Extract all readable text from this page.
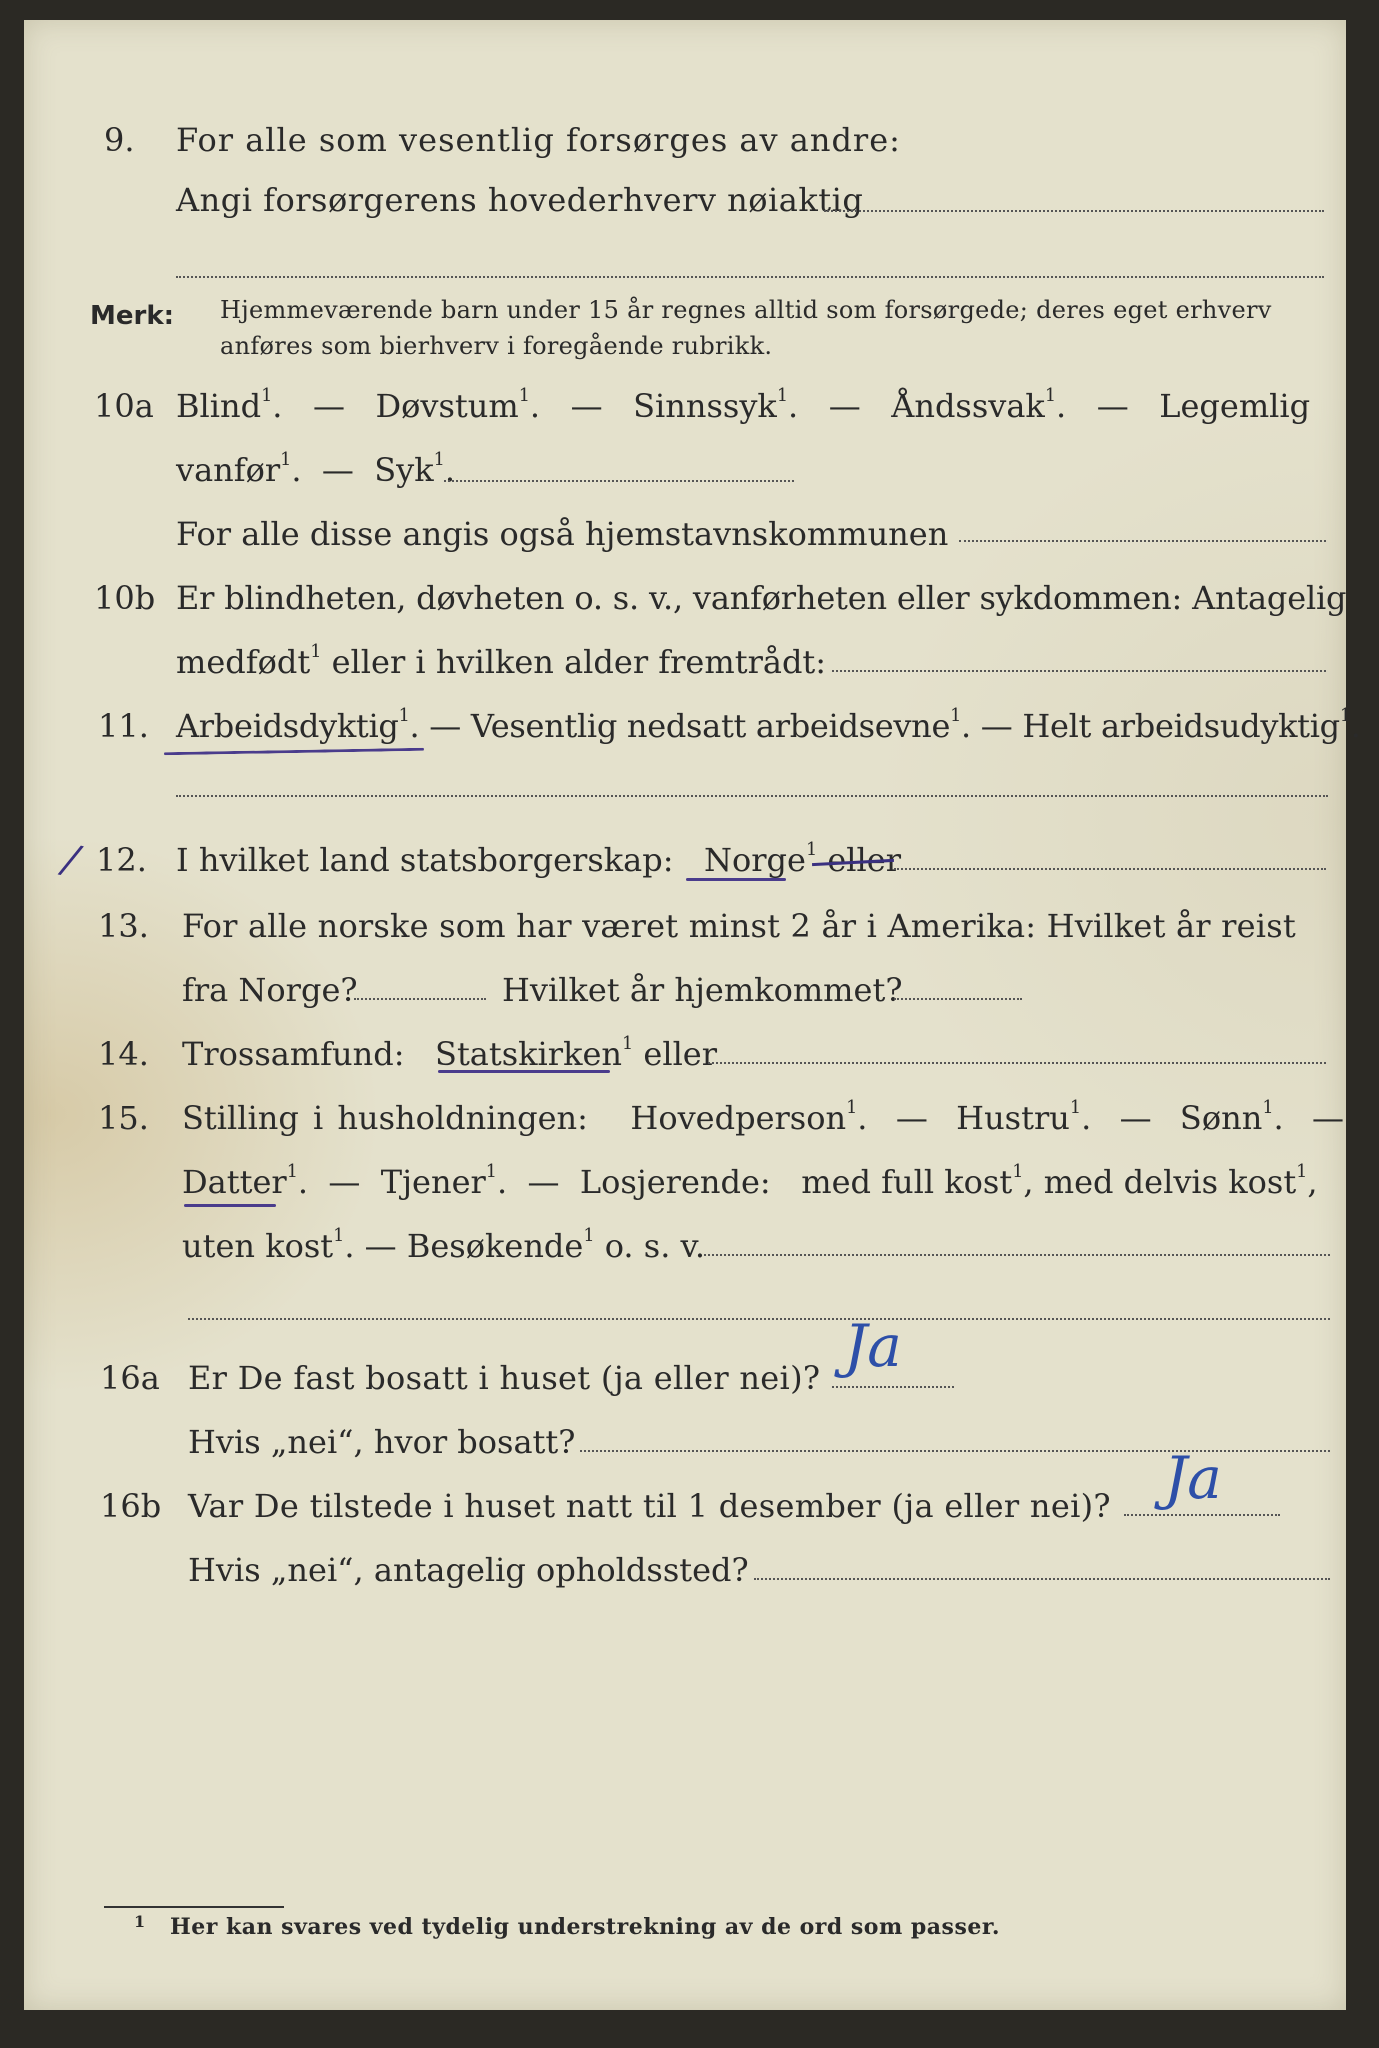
9. For alle som vesentlig forsørges av andre:
Angi forsørgerens hovederhverv nøiaktig
Merk: Hjemmeværende barn under 15 år regnes alltid som forsørgede; deres eget erhverv
anføres som bierhverv i foregående rubrikk.
10a Blind$^1$. — Døvstum$^1$. — Sinnssyk$^1$. — Åndssvak$^1$. — Legemlig
vanfør$^1$. — Syk$^1$.
For alle disse angis også hjemstavnskommunen
10b Er blindheten, døvheten o. s. v., vanførheten eller sykdommen: Antagelig
medfødt$^1$ eller i hvilken alder fremtrådt:
11. Arbeidsdyktig$^1$. — Vesentlig nedsatt arbeidsevne$^1$. — Helt arbeidsudyktig$^1$.
/ 12. I hvilket land statsborgerskap: Norge$^1$ eller
13. For alle norske som har været minst 2 år i Amerika: Hvilket år reist
fra Norge?	Hvilket år hjemkommet?
14. Trossamfund: Statskirken$^1$ eller
15. Stilling i husholdningen: Hovedperson$^1$. — Hustru$^1$. — Sønn$^1$. —
Datter$^1$. — Tjener$^1$. — Losjerende: med full kost$^1$, med delvis kost$^1$,
uten kost$^1$. — Besøkende$^1$ o. s. v.
16a Er De fast bosatt i huset (ja eller nei)? Ja
Hvis „nei“, hvor bosatt?
16b Var De tilstede i huset natt til 1 desember (ja eller nei)? Ja
Hvis „nei“, antagelig opholdssted?
1 Her kan svares ved tydelig understrekning av de ord som passer.
